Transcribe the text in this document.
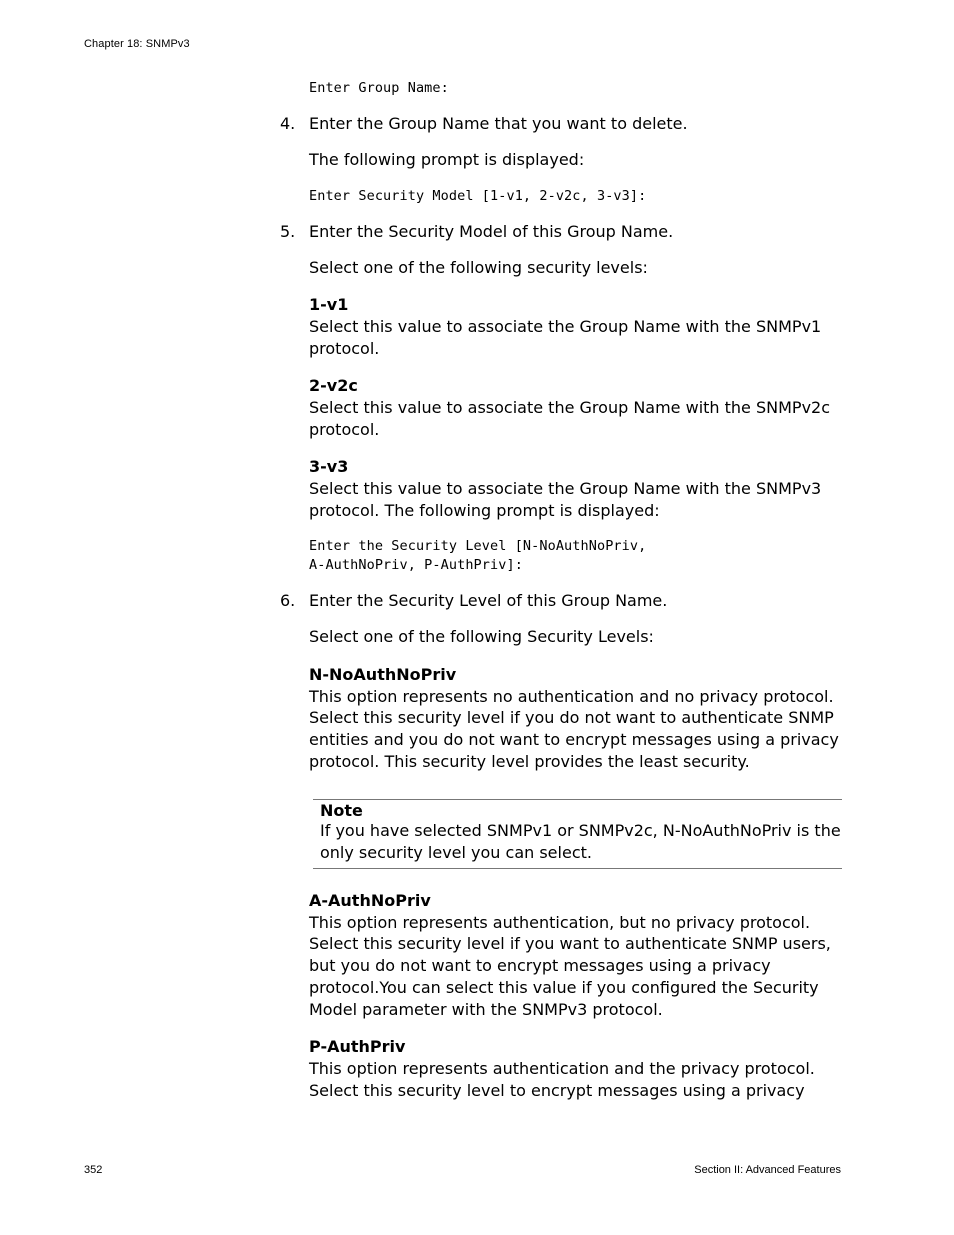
Chapter 18: SNMPv3
Enter Group Name:
4. Enter the Group Name that you want to delete.
The following prompt is displayed:
Enter Security Model [1-v1, 2-v2c, 3-v3]:
5. Enter the Security Model of this Group Name.
Select one of the following security levels:
1-v1
Select this value to associate the Group Name with the SNMPv1
protocol.
2-v2c
Select this value to associate the Group Name with the SNMPv2c
protocol.
3-v3
Select this value to associate the Group Name with the SNMPv3
protocol. The following prompt is displayed:
Enter the Security Level [N-NoAuthNoPriv,
A-AuthNoPriv, P-AuthPriv]:
6. Enter the Security Level of this Group Name.
Select one of the following Security Levels:
N-NoAuthNoPriv
This option represents no authentication and no privacy protocol.
Select this security level if you do not want to authenticate SNMP
entities and you do not want to encrypt messages using a privacy
protocol. This security level provides the least security.
Note
If you have selected SNMPv1 or SNMPv2c, N-NoAuthNoPriv is the
only security level you can select.
A-AuthNoPriv
This option represents authentication, but no privacy protocol.
Select this security level if you want to authenticate SNMP users,
but you do not want to encrypt messages using a privacy
protocol.You can select this value if you configured the Security
Model parameter with the SNMPv3 protocol.
P-AuthPriv
This option represents authentication and the privacy protocol.
Select this security level to encrypt messages using a privacy
352	Section II: Advanced Features
